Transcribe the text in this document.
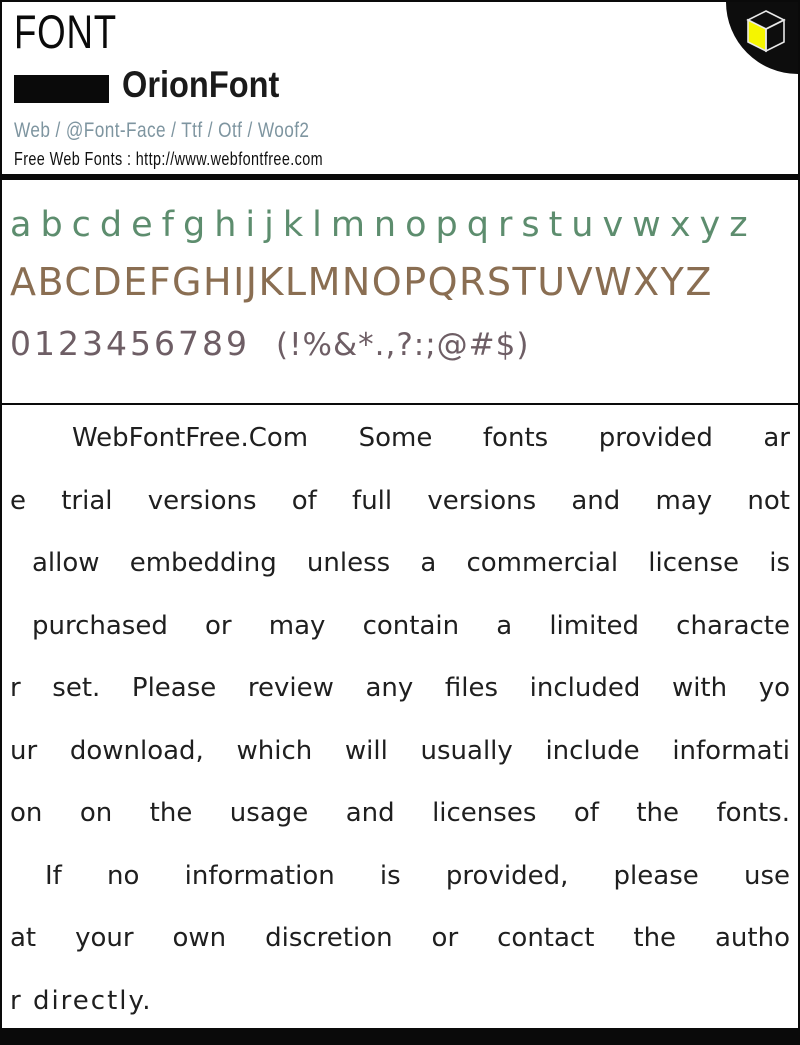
FONT
OrionFont
Web / @Font-Face / Ttf / Otf / Woof2
Free Web Fonts : http://www.webfontfree.com
abcdefghijklmnopqrstuvwxyz
ABCDEFGHIJKLMNOPQRSTUVWXYZ
0123456789 (!%&*.,?:;@#$)
WebFontFree.Com Some fonts provided ar
e trial versions of full versions and may not
allow embedding unless a commercial license is
purchased or may contain a limited characte
r set. Please review any files included with yo
ur download, which will usually include informati
on on the usage and licenses of the fonts.
If no information is provided, please use
at your own discretion or contact the autho
r directly.
